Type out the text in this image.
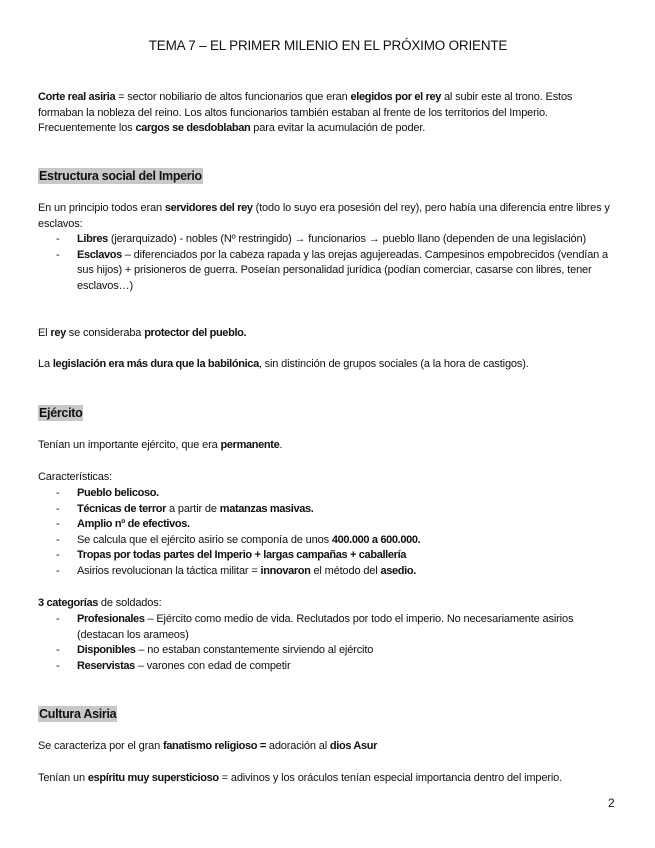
TEMA 7 – EL PRIMER MILENIO EN EL PRÓXIMO ORIENTE
Corte real asiria = sector nobiliario de altos funcionarios que eran elegidos por el rey al subir este al trono. Estos formaban la nobleza del reino. Los altos funcionarios también estaban al frente de los territorios del Imperio. Frecuentemente los cargos se desdoblaban para evitar la acumulación de poder.
Estructura social del Imperio
En un principio todos eran servidores del rey (todo lo suyo era posesión del rey), pero había una diferencia entre libres y esclavos:
- Libres (jerarquizado) - nobles (Nº restringido) → funcionarios → pueblo llano (dependen de una legislación)
- Esclavos – diferenciados por la cabeza rapada y las orejas agujereadas. Campesinos empobrecidos (vendían a sus hijos) + prisioneros de guerra. Poseían personalidad jurídica (podían comerciar, casarse con libres, tener esclavos…)
El rey se consideraba protector del pueblo.
La legislación era más dura que la babilónica, sin distinción de grupos sociales (a la hora de castigos).
Ejército
Tenían un importante ejército, que era permanente.
Características:
- Pueblo belicoso.
- Técnicas de terror a partir de matanzas masivas.
- Amplio nº de efectivos.
- Se calcula que el ejército asirio se componía de unos 400.000 a 600.000.
- Tropas por todas partes del Imperio + largas campañas + caballería
- Asirios revolucionan la táctica militar = innovaron el método del asedio.
3 categorías de soldados:
- Profesionales – Ejército como medio de vida. Reclutados por todo el imperio. No necesariamente asirios (destacan los arameos)
- Disponibles – no estaban constantemente sirviendo al ejército
- Reservistas – varones con edad de competir
Cultura Asiria
Se caracteriza por el gran fanatismo religioso = adoración al dios Asur
Tenían un espíritu muy supersticioso = adivinos y los oráculos tenían especial importancia dentro del imperio.
2
